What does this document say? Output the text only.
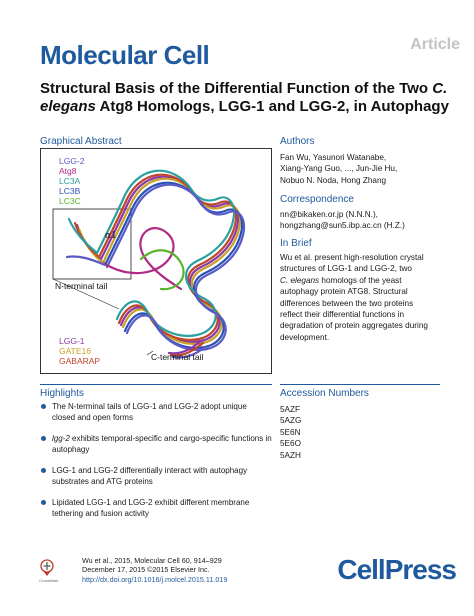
Molecular Cell	Article
Structural Basis of the Differential Function of the Two C. elegans Atg8 Homologs, LGG-1 and LGG-2, in Autophagy
Graphical Abstract
LGG-2
Atg8
LC3A
LC3B
LC3C
LGG-1
GATE16
GABARAP
α1
N-terminal tail
C-terminal tail
Authors
Fan Wu, Yasunori Watanabe,
Xiang-Yang Guo, ..., Jun-Jie Hu,
Nobuo N. Noda, Hong Zhang
Correspondence
nn@bikaken.or.jp (N.N.N.),
hongzhang@sun5.ibp.ac.cn (H.Z.)
In Brief
Wu et al. present high-resolution crystal
structures of LGG-1 and LGG-2, two
C. elegans homologs of the yeast
autophagy protein ATG8. Structural
differences between the two proteins
reflect their differential functions in
degradation of protein aggregates during
development.
Highlights
The N-terminal tails of LGG-1 and LGG-2 adopt unique closed and open forms
lgg-2 exhibits temporal-specific and cargo-specific functions in autophagy
LGG-1 and LGG-2 differentially interact with autophagy substrates and ATG proteins
Lipidated LGG-1 and LGG-2 exhibit different membrane tethering and fusion activity
Accession Numbers
5AZF
5AZG
5E6N
5E6O
5AZH
CrossMark
Wu et al., 2015, Molecular Cell 60, 914–929
December 17, 2015 ©2015 Elsevier Inc.
http://dx.doi.org/10.1016/j.molcel.2015.11.019	CellPress
